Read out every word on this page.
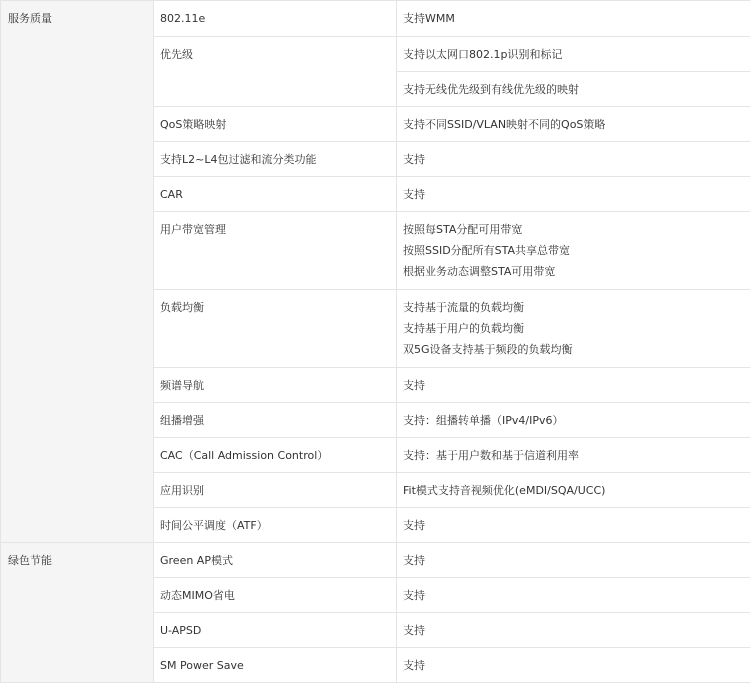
服务质量	802.11e	支持WMM

	优先级	支持以太网口802.1p识别和标记

		支持无线优先级到有线优先级的映射

	QoS策略映射	支持不同SSID/VLAN映射不同的QoS策略

	支持L2~L4包过滤和流分类功能	支持

	CAR	支持

	用户带宽管理	按照每STA分配可用带宽
按照SSID分配所有STA共享总带宽
根据业务动态调整STA可用带宽

	负载均衡	支持基于流量的负载均衡
支持基于用户的负载均衡
双5G设备支持基于频段的负载均衡

	频谱导航	支持

	组播增强	支持：组播转单播（IPv4/IPv6）

	CAC（Call Admission Control）	支持：基于用户数和基于信道利用率

	应用识别	Fit模式支持音视频优化(eMDI/SQA/UCC)

	时间公平调度（ATF）	支持

绿色节能	Green AP模式	支持

	动态MIMO省电	支持

	U-APSD	支持

	SM Power Save	支持
